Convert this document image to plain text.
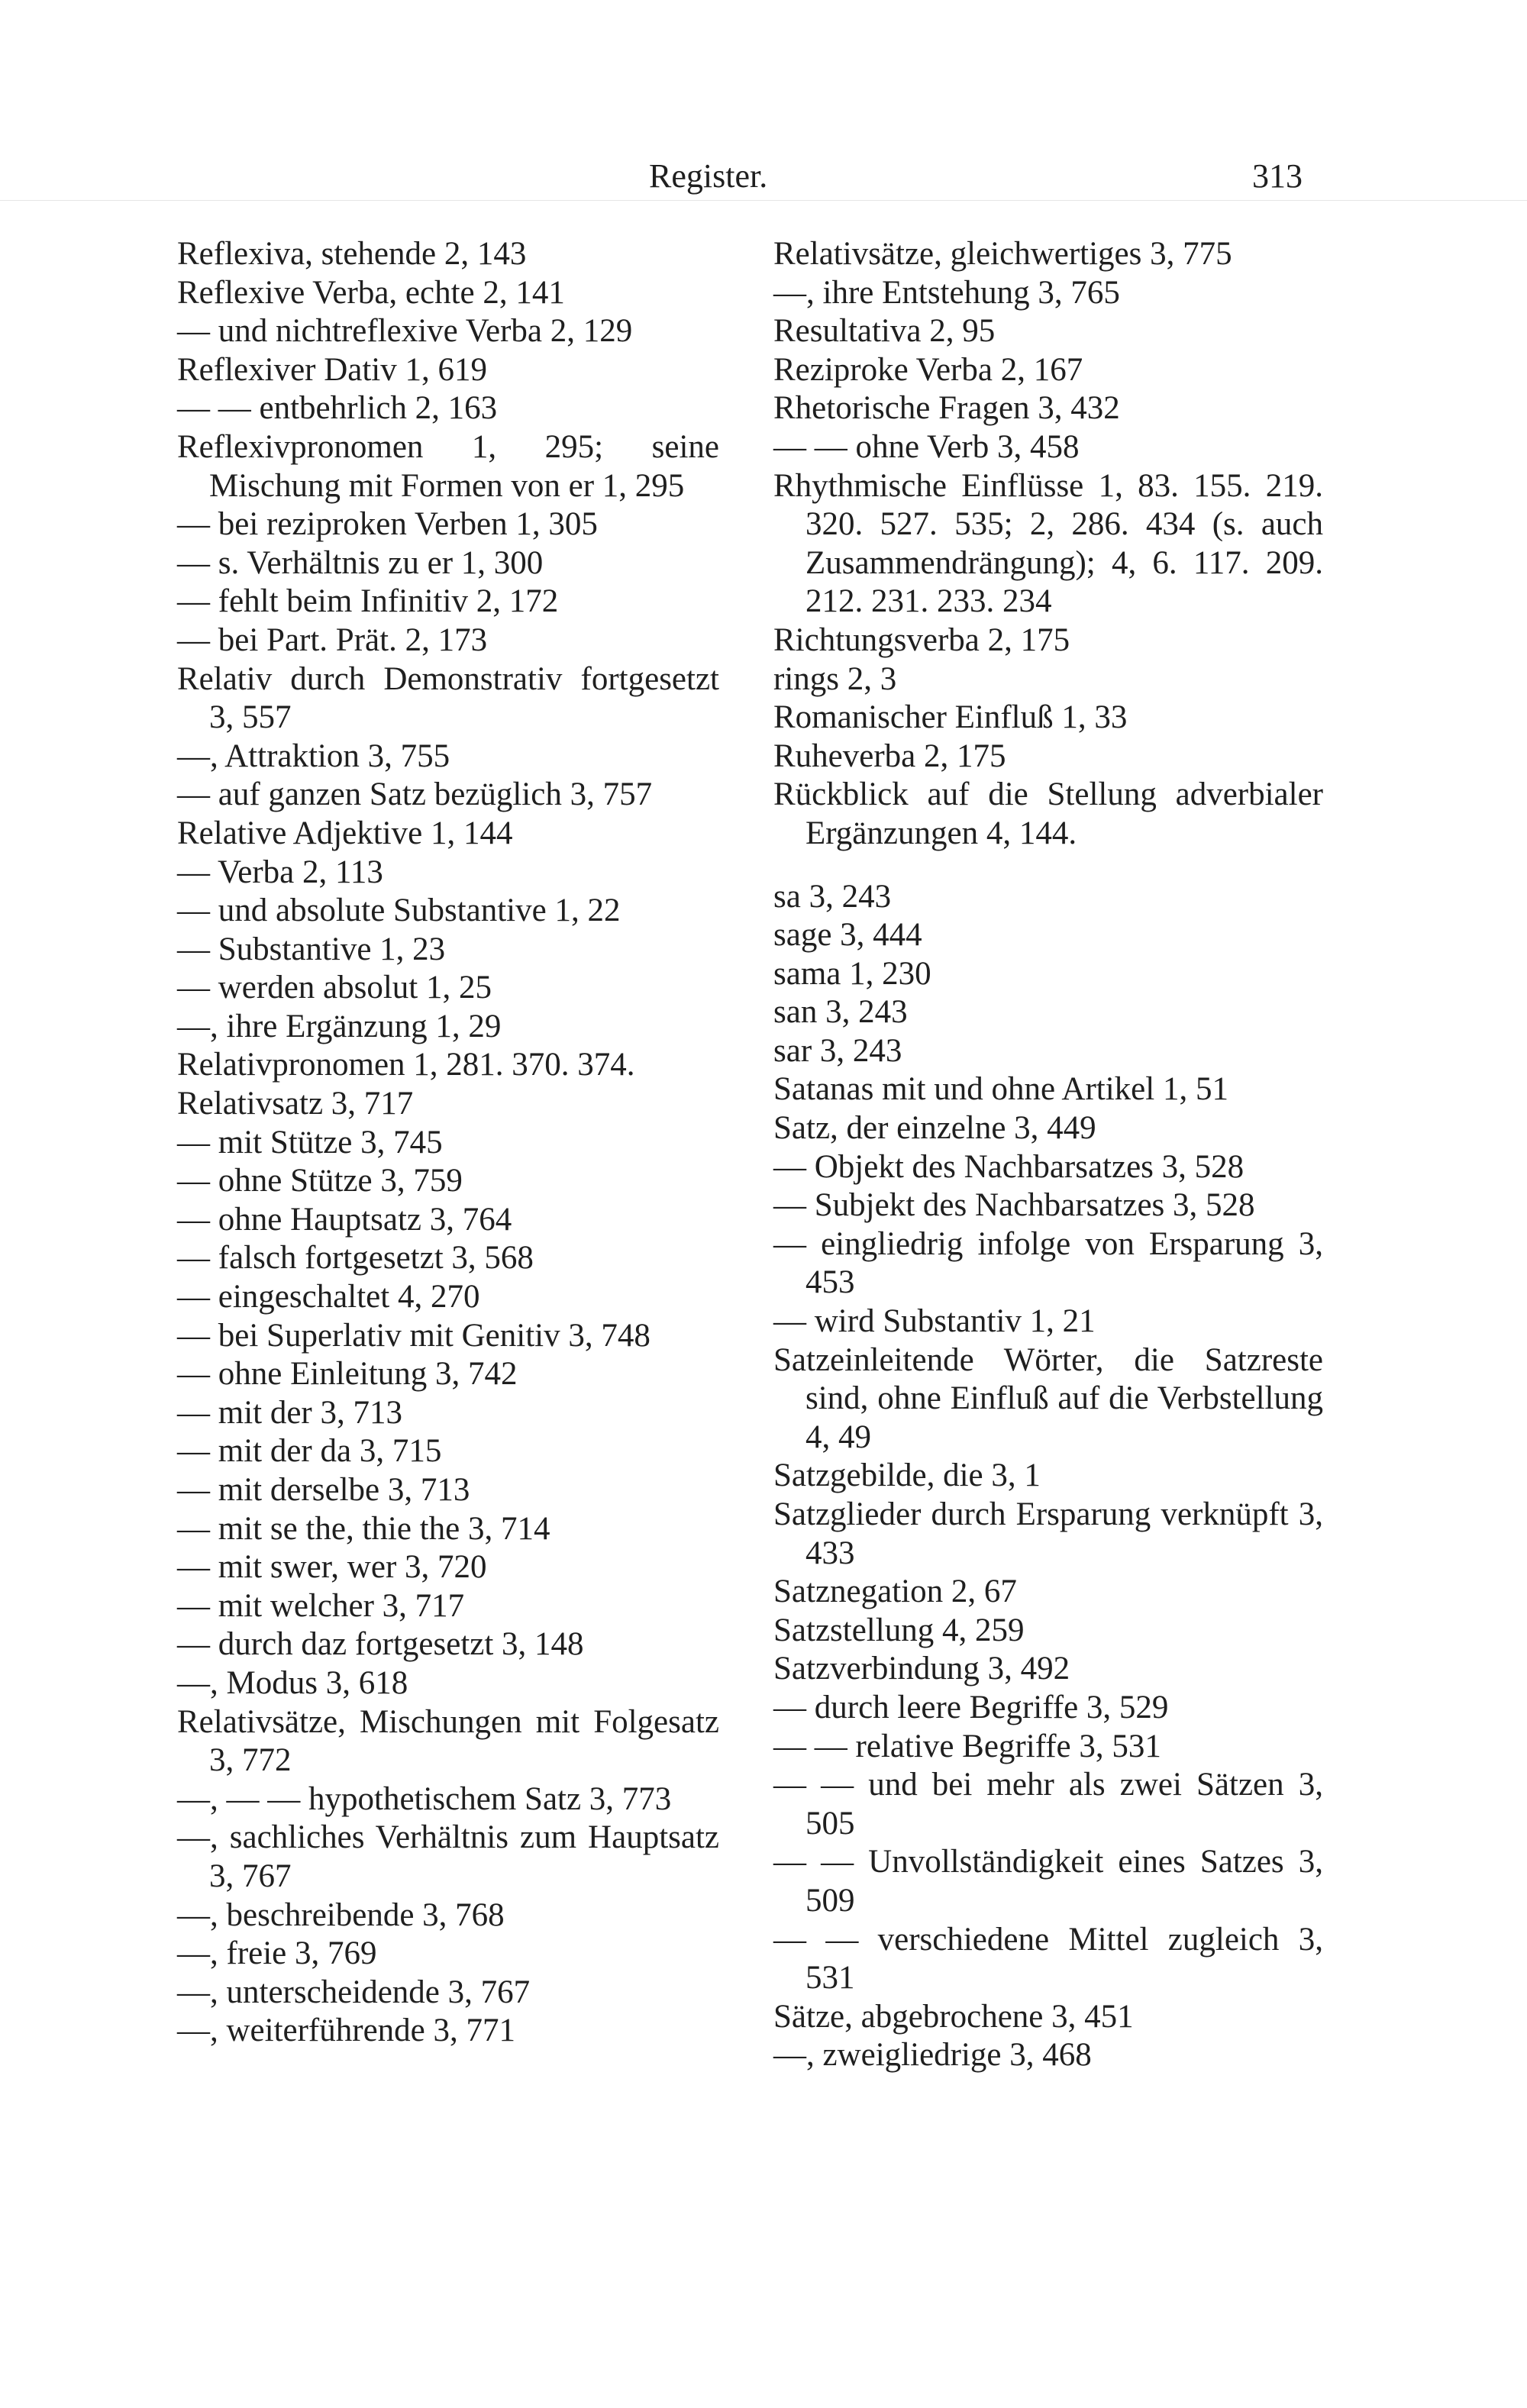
Register.	313

Reflexiva, stehende 2, 143

Reflexive Verba, echte 2, 141

— und nichtreflexive Verba 2, 129

Reflexiver Dativ 1, 619

— — entbehrlich 2, 163

Reflexivpronomen 1, 295; seine Mischung mit Formen von er 1, 295

— bei reziproken Verben 1, 305

— s. Verhältnis zu er 1, 300

— fehlt beim Infinitiv 2, 172

— bei Part. Prät. 2, 173

Relativ durch Demonstrativ fortgesetzt 3, 557

—, Attraktion 3, 755

— auf ganzen Satz bezüglich 3, 757

Relative Adjektive 1, 144

— Verba 2, 113

— und absolute Substantive 1, 22

— Substantive 1, 23

— werden absolut 1, 25

—, ihre Ergänzung 1, 29

Relativpronomen 1, 281. 370. 374.

Relativsatz 3, 717

— mit Stütze 3, 745

— ohne Stütze 3, 759

— ohne Hauptsatz 3, 764

— falsch fortgesetzt 3, 568

— eingeschaltet 4, 270

— bei Superlativ mit Genitiv 3, 748

— ohne Einleitung 3, 742

— mit der 3, 713

— mit der da 3, 715

— mit derselbe 3, 713

— mit se the, thie the 3, 714

— mit swer, wer 3, 720

— mit welcher 3, 717

— durch daz fortgesetzt 3, 148

—, Modus 3, 618

Relativsätze, Mischungen mit Folgesatz 3, 772

—, — — hypothetischem Satz 3, 773

—, sachliches Verhältnis zum Hauptsatz 3, 767

—, beschreibende 3, 768

—, freie 3, 769

—, unterscheidende 3, 767

—, weiterführende 3, 771

Relativsätze, gleichwertiges 3, 775

—, ihre Entstehung 3, 765

Resultativa 2, 95

Reziproke Verba 2, 167

Rhetorische Fragen 3, 432

— — ohne Verb 3, 458

Rhythmische Einflüsse 1, 83. 155. 219. 320. 527. 535; 2, 286. 434 (s. auch Zusammendrängung); 4, 6. 117. 209. 212. 231. 233. 234

Richtungsverba 2, 175

rings 2, 3

Romanischer Einfluß 1, 33

Ruheverba 2, 175

Rückblick auf die Stellung adverbialer Ergänzungen 4, 144.

sa 3, 243

sage 3, 444

sama 1, 230

san 3, 243

sar 3, 243

Satanas mit und ohne Artikel 1, 51

Satz, der einzelne 3, 449

— Objekt des Nachbarsatzes 3, 528

— Subjekt des Nachbarsatzes 3, 528

— eingliedrig infolge von Ersparung 3, 453

— wird Substantiv 1, 21

Satzeinleitende Wörter, die Satzreste sind, ohne Einfluß auf die Verbstellung 4, 49

Satzgebilde, die 3, 1

Satzglieder durch Ersparung verknüpft 3, 433

Satznegation 2, 67

Satzstellung 4, 259

Satzverbindung 3, 492

— durch leere Begriffe 3, 529

— — relative Begriffe 3, 531

— — und bei mehr als zwei Sätzen 3, 505

— — Unvollständigkeit eines Satzes 3, 509

— — verschiedene Mittel zugleich 3, 531

Sätze, abgebrochene 3, 451

—, zweigliedrige 3, 468
